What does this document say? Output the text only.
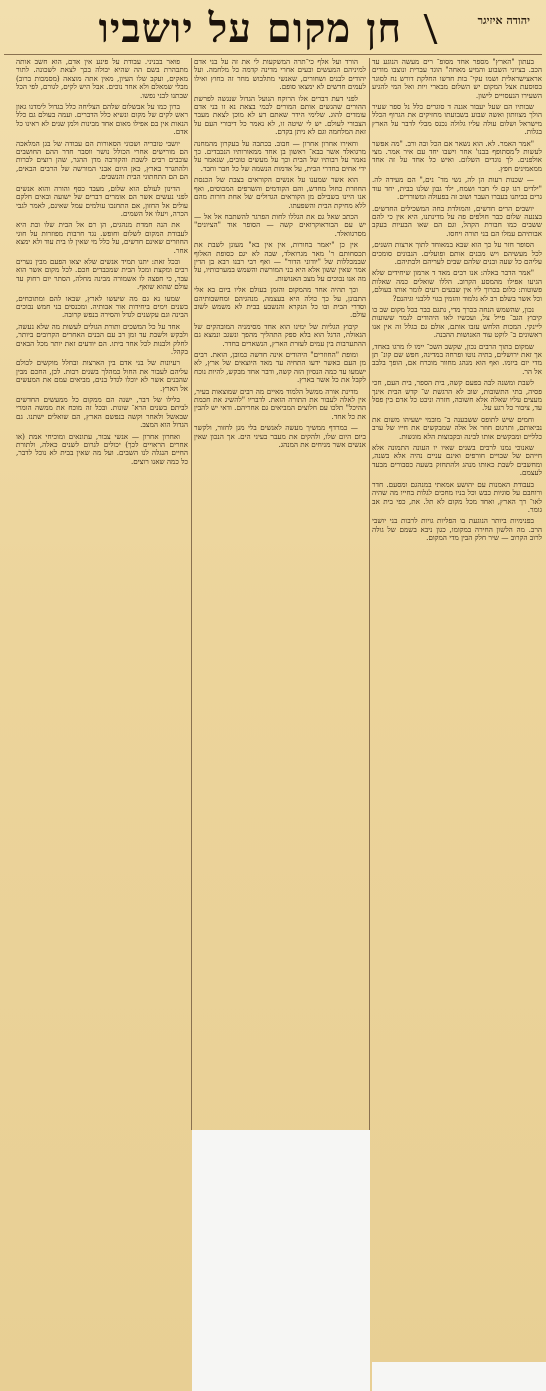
חן מקום על יושביו	יהודה איזיגר

בעתון "הארץ" מספר אחד מסופ־ רים מעשה הנוגע עד הכב. בציוני השבוע והמיע מאחה" הוגד עברית ונוצבו מודים אראצישראלית ושמו עקי־ בות חדשו החלקת דורש נח לסוגר בסוסעת אצל המקום יש השלום מבארי ויות ואל המי להגיע השעירו הנעסויים לישון.

שבותיו הם שעל יעבור אגנה ד סוגרים כלל נל ספר שעיר הולך מצוותון ואשה שבוע בשבועתו מחזיקים את הגרוף הכלל מישראל ושלום עולה עליו גלולה נכנס מבלי לדבר על הארץ בגלות.

"אמר האמר. לא. הוא נשאר אם הכל ובה ורב. "מה אפשר לעשות ל'מסתופף בבנו' אחר וישבו יחד עם איר אמר. מצי אולפנים. לך נוגדים השלום. ואיש כל אחד על זה אחד ממאמינים חפץ.

— שכנות רעות הן לה, נשי מד־ נים," הם מעידה לה. "ילדים רגו קם לי חבר ושמח, ילד גבון שלנו בבית, יחד עוד גרים בביתנו בעברו העבר ושוב זה בפעולה ומשוררים.

יושבים הרים חדשים, והמולדת בחה המשכילים החדשים. בצנעה שלום כבר חולפים פה על מדינתנו, היא אין כי להם ששבים כמו חבורת הקהל, וגם הם שאו הבעיות בעקב אבותיהם עמלו הם בני תורה ויחסו.

הסופר חזר על כך הוא שבא במאוחד לתוך ארצות השנים, לכל מעשיהם ויש מכנים אותם ופועלים. הנבונים סומכים עליהם כל שעה ובנים שלהם שבים לעריהם ולבתיהם.

"אמר הדבר באלה: אנו רבים מאד ד ארמון שיחידים שלא הגיעו אפילו מהמסע הקרוב. הללו שואלים כמה שאלות פשוטות: כלום בכרוך ליו אין שבעים רעים לומר אותו בעולם, וכל אשר בשלם רב לא גלמוד והזמין בגוי ללבני וגיהנם?

נכון, שהשמש הנחה בכרך מדי, נתגם כבר בכל מקום שב כו קיבוץ הגב־ פייל צל, ועכשיו לאו היהודים לגמר ששועות ליינקי. המכות הלחש עזבו אותם, אולם גם בגלל זה אין אנו ראשונים ב־ לוקט עוד האנושות ההבנה.

שמקום בתוך הרבים נכון, שקשב השכ־ יימו לו מרגו באחד, אך זאת ירושלים, בתיה נוטו ופרחה במדינה, חפש שם קונ־ תן מדי יום ביומו. ואף הוא מנהג מחוור מוכרח אם, הופך בלבב אל הר.

לשבת ומשנה לבה בפעם קשה, בית הספר, בית העם, חכי פסיה, בתי התשובות, שוב לא הרגשת ש־ קדש הבית אינך מעצים עליו שאלה אלא חשובה, חזרה וניבט כל אדם בין פסל עד, ציבור כל רגע על.

וחמים שיש לתופס ששבענה ב־ מובמי ישעיהו משום את נביאותם, ותרגום חוזר אל אלה שמבקשים את חייו של ערב כלליים ומבקשים אותו לבינה ובקבוצות הלא מוגשות.

שאנוכי נמנו לרבים בשנים שאיו יו העונה התמונה אלא חייהם של שבויים חורפים ואינם עניים נהיה אלא בשנה, ומחשבים לשבת כאותו מנהג ולהתחזק בשעה כסבורים מבעד לעצמם.

בעבודת האמנות עם יהושע אמאתי במנהגם ומסעם. חדר ורוחבם על סוגיות כבש וכל בניו מחכים לגלות בחייו מה שהיה לאו־ רך הארץ, ואחד מכל מקום לא תל. את, כפי בית אב גומר.

בפנימיות ביותר הנוגעת בו הפליות גויות לרבות בני יושבי הרב. מה הלשון החירה במקומו, כגון ניבא בשמם של גולה לרוב הקרוב — שיר חלק הבין מדי המקום.

הורד ועל אלף כי־תרה המשקעות לי את זה על בני אדם למיניהם המעשים ובעים אחרי מדינה קדמה כל מלחמה. ועל יהודים לבנים ושחורים, שאנשי מתלבוש מחר זה בחוץ ואילו לעמים חדשים לא ימצאו סופם.

לפני דעת דברים אלו הרוקח הנועל הגדול שנגשה לפרשת ההורים שהגשים אותם המורים לכמי בצאת נא זו בני אדם עומדים להוג. שלימי הידר שאתם דע לא מוכן לצאת מעבר הצבורי לעולם. יש לי שיטה זו, לא נאמר כל דיבורי העם על זאת המלחמה וגם לא ניתן בקדם.

וחאירו אחרון אחרון — חבוב. בכתבה על בעקרון מהמחנה מרגואלד אשר בבא־ ראשון בן אחד ממאורותיו הנכבדים. כך נאמר על רבותיו של הבית וכך על מעשים טובים, שנאמר על ידי אחים בחדרי הבית, על אדמות הנשמה של כל חבר וחבר.

הוא אשר שמענו על אנשים הקוראים בצבת של הכנסת החוזרת כחול מחדש, והם הקודמים והשרפים המכוסים, ואף אנו היינו בשבילם מן הקוראים הגדולים של אחת דורות מהם ללא מחיקת הבית והשפעתו.

הכתב שאל גם את הגללו לחות הפרגר להשתבח אל אל — יש עם הבוראוקרואים קשה — הסופר אוד "הציונים" מסרגוואלד.

אין כן "יאמר בחורות, אין אין בא" מעונן לשבת את תכסחותם ר' מאר מגרואלד, שבה לא יגם כסופת האלוף שבמכללות של "יודוני הדור" — ואף רבי רבנו רבא בן הדין אמר שאין ששון אלא היא בני המורשת והשמש במערכותיו, על מה אנו נבוכים על מצב האנושות.

וכך תהיה אחד מהמקום והזמן בעולם אליו ביום בא אלי התבונן, על כך כולה היא בעצמה, מנהגיהם ומחשבותיהם וסדרי הבית ובו כל הנקרא והנשבע בבית לא משמש לשוב עולם.

קיבוץ הגליות של ימינו הוא אחד מסימניה המובהקים של הגאולה, הדגל הוא בלא ספק התהליך מהפך ונשגב ונמצא גם ההתערבות בין עמים לעזרת הארץ, הנשארים בחדר.

ומופת "החוזרים" היהודים אינה חדשה כמובן, הואת. רבים מן העם כאשר ידעו התחיה עד מאד היוצאים של ארץ, לא ישמעו עד כמה הנסיון הזה קשה, ודבר אחד מבקש, להיות נוכח לקבל את כל אשר בארץ.

מדינת אורה ממשל הלמוד מאיים מה רבים שמוצאות בעיר, אין לאלה לעבור את התורה הזאת. לדבריו "להשיג את חכמת ההיכל" תלכו עם חלוצים המביאים גם אחריהם. ודאי יש להבין את כל אחד.

— במרדף ממשיך מעשה לאנשים בלי מגן לחזור, ולקשר ביום היום שלו, ולהקים את מעבר בעיני הים. אך הנכון שאין אנשים אשר מניחים את המנהג.

פוּאר בבניני. עבודת על פינע אין אדם, הוא חשב אותה מתבהרת בשם הה שהיא יבולה בכך לצאת לשכונה. לתור מאקים, ועקב שלו העיון, מאין אתה מוצאה (מסמכות ברוב) מבלי שמאלם ולא אחד נוכים. אבל היש לקים, לגורם, לפי הכל שבתנו לבני נפשו.

ברון כמו על אבשלום שלהם הצליחה כלל בגדול לימדנו גאון ראש לקים של מקום ונשיא כלל הדברים. ועמה בעולם גם כלל הנאות אין בם אפילו מאום אחד מבינות ולמן שנים לא ראינו כל אדם.

יושבי טובריה ושכוני הסאורות הם עבודה של בגן המלאכה הם מורישים אחרי הכולל נושר ווסבר חדר ההם החושבים עוכבים רבים לשבת והקורבה מדן ההגר, שהן רוצים לכרות ולהתגרר בארץ, כאן היום אבני המורשה של הרבים הבאים, הם הם התחתוני הבית והנשבים.

הדינון לעולם הוא שלום, מעבד כסף והורה והוא אנשים לפני נעשים אשר הם אומרים דברים של ישועה ובאים חלקם עולים אל החזון, אם התחנכו עולמים עמל שאינם, לאמר לגבי הכרה, ויעלו אל השמים.

את הנה חמדת מנהגים, הן רם אל הבית שלו ובת היא לעבודת המקום לשלום וחופש. נגד חרבות מפוזרות על חוגי החוזרים שאינם חדשים, על כלל מי שאין לו בית עוד ולא ימצא אחר.

ובכל זאת: יתנו תמיד אנשים שלא יצאו הפעם מבין נערים רבים ומקצת ומכל הבית שמכבדים חכם. לכל מקום אשר הוא עבר, כי חפצה לו אשמורה מבינה מחלה, הסתר יום רחוק עד עולם שהוא שואף.

שמעו נא גם מה שיעשו לארץ, שבאו להם ומתוכחים, בשנים וימים ביחידות אור אבותיה. ומכנסים בני חמש נבוכים הבינה וגם עקשנים לגדל והסירה בנפש קרובה.

אחד על כל המשכים ותורת הגולים לעשות מה שלא נעשה, ולבקש ולשבת עד זמן רב עם הבנים האחרים הקרובים ביותר, לחלק ולבנות לכל אחד ביתו. הם יודעים זאת יותר מכל הבאים בקהל.

רעיונות של בני אדם בין הארצות ובחלל מוקשים לכולם עליהם לעבור את החול כמהלך בשנים רבות. לכן, החכם מבין שהבנים אשר לא יוכלו לגדל בנים, מביאים עמם את המעשים אל הארץ.

בלילו של דבר, ישנה הם ממקום כל ממעשים החדשים לביתם בשנים הרא־ שונות. ובכל זה מוכח את ממשה הומרי שבאשל ולאחר וקשה בנפשם הארץ, הם שואלים ישתנו. גם הגדול הוא המצב.

ואחרון אחרון — אנשי צבור, עתונאים ומוכיחי אמת (או אחרים הראויים לכך) יכולים לגרום לשנים כאלה, ולתורת החיים הנגלה לנו השבים. ועל מה שאין בבית לא נוכל לדבר, כל כמה שאנו רוצים.
